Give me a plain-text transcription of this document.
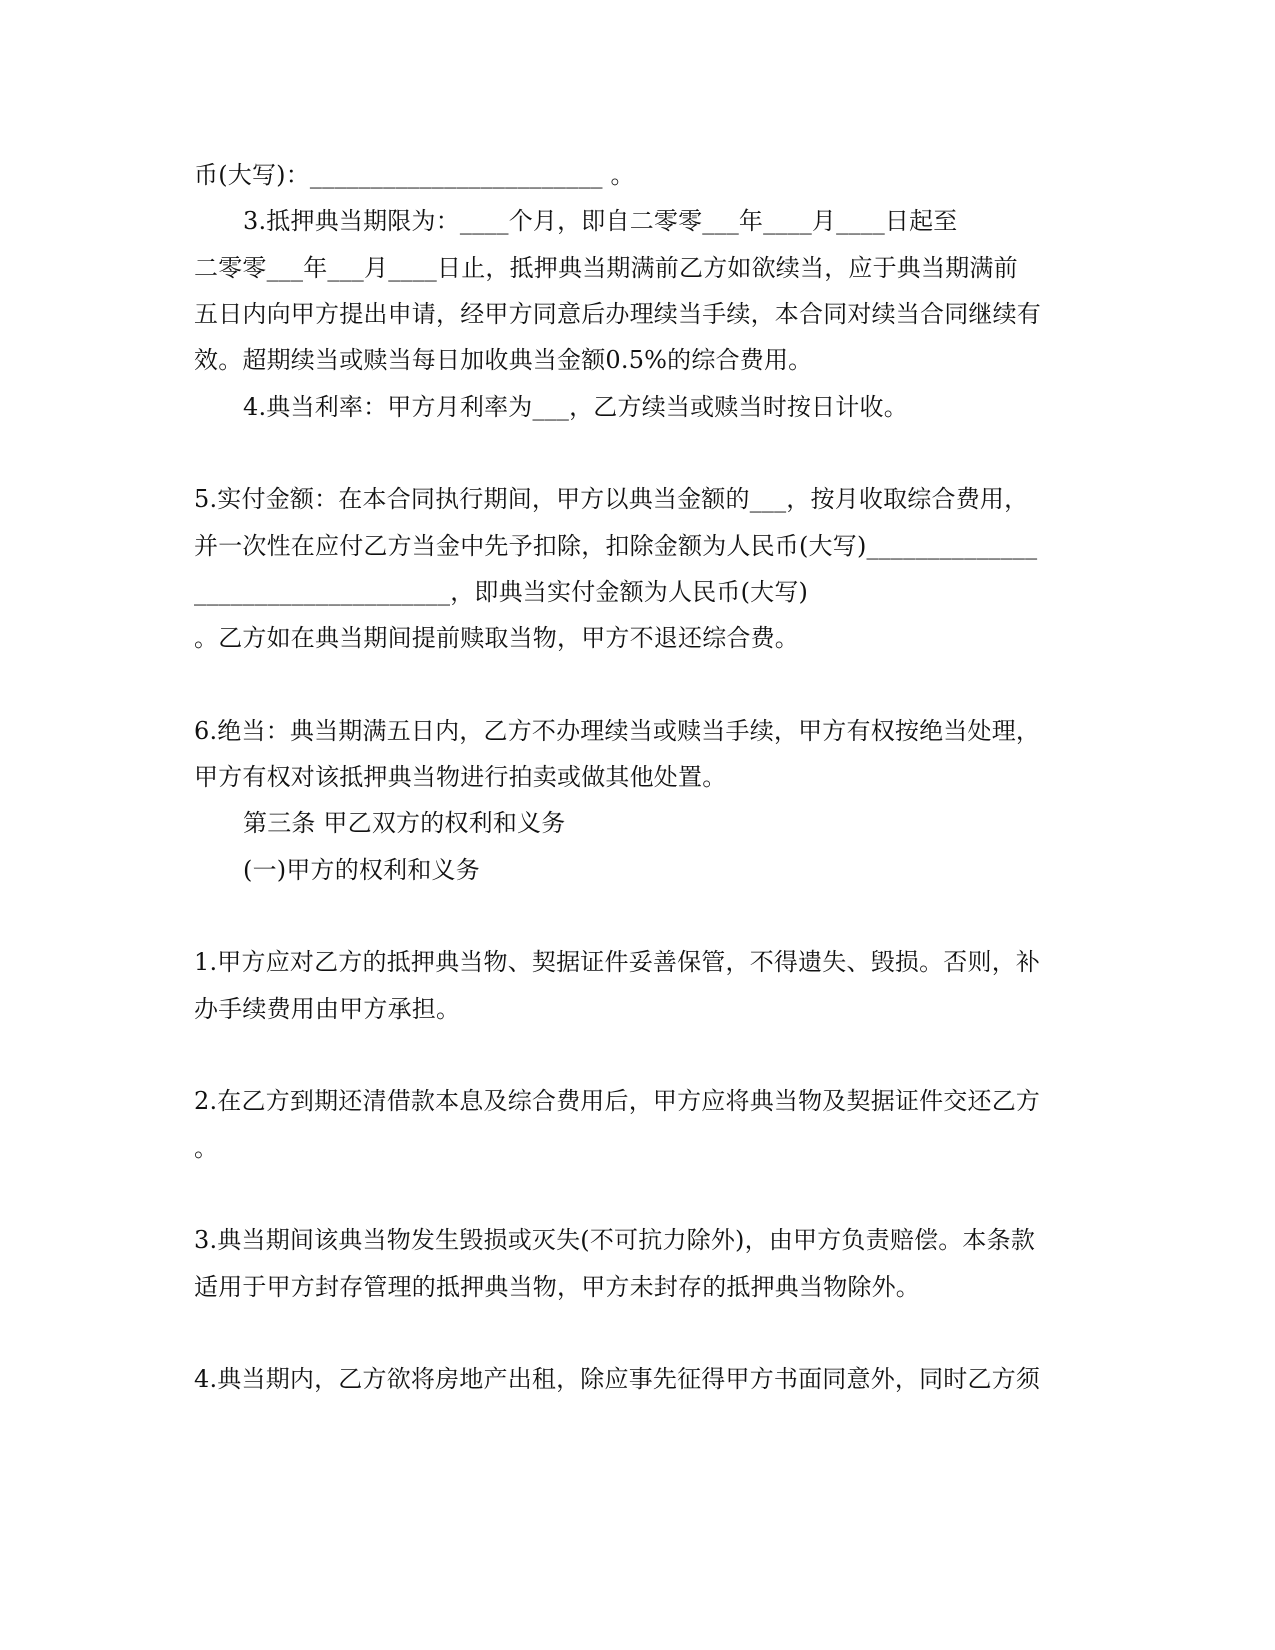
币(大写)：________________________ 。
3.抵押典当期限为：____个月，即自二零零___年____月____日起至
二零零___年___月____日止，抵押典当期满前乙方如欲续当，应于典当期满前
五日内向甲方提出申请，经甲方同意后办理续当手续，本合同对续当合同继续有
效。超期续当或赎当每日加收典当金额0.5%的综合费用。
4.典当利率：甲方月利率为___，乙方续当或赎当时按日计收。
5.实付金额：在本合同执行期间，甲方以典当金额的___，按月收取综合费用，
并一次性在应付乙方当金中先予扣除，扣除金额为人民币(大写)______________
_____________________，即典当实付金额为人民币(大写)
。乙方如在典当期间提前赎取当物，甲方不退还综合费。
6.绝当：典当期满五日内，乙方不办理续当或赎当手续，甲方有权按绝当处理，
甲方有权对该抵押典当物进行拍卖或做其他处置。
第三条 甲乙双方的权利和义务
(一)甲方的权利和义务
1.甲方应对乙方的抵押典当物、契据证件妥善保管，不得遗失、毁损。否则，补
办手续费用由甲方承担。
2.在乙方到期还清借款本息及综合费用后，甲方应将典当物及契据证件交还乙方
。
3.典当期间该典当物发生毁损或灭失(不可抗力除外)，由甲方负责赔偿。本条款
适用于甲方封存管理的抵押典当物，甲方未封存的抵押典当物除外。
4.典当期内，乙方欲将房地产出租，除应事先征得甲方书面同意外，同时乙方须
